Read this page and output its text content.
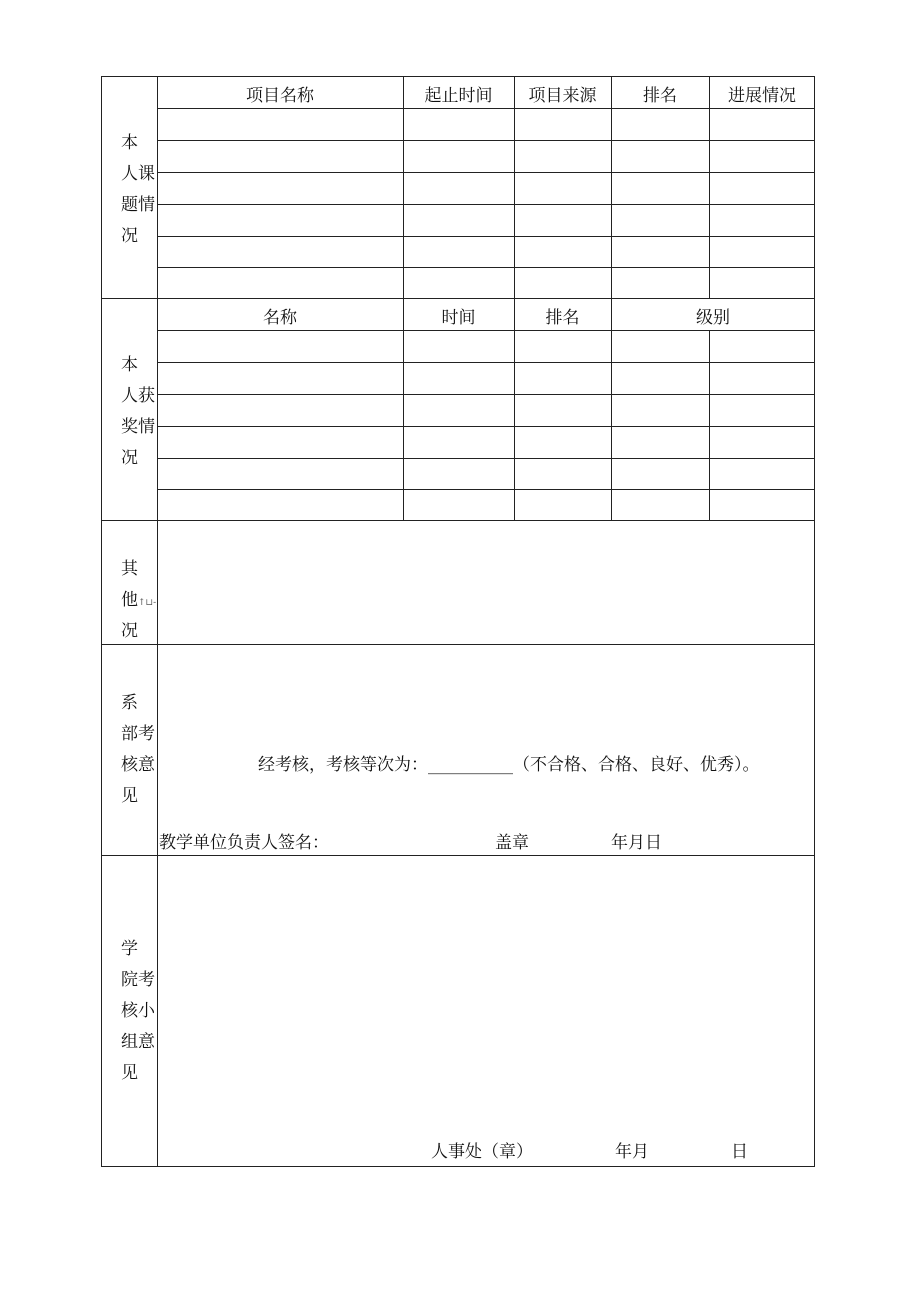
本
人课
题情
况
项目名称	起止时间	项目来源	排名	进展情况
本
人获
奖情
况
名称	时间	排名	级别
其
他↑⊔-
况
系
部考
核意
见
经考核，考核等次为：__________（不合格、合格、良好、优秀）。
教学单位负责人签名：	盖章	年月日
学
院考
核小
组意
见
人事处（章）	年月	日
